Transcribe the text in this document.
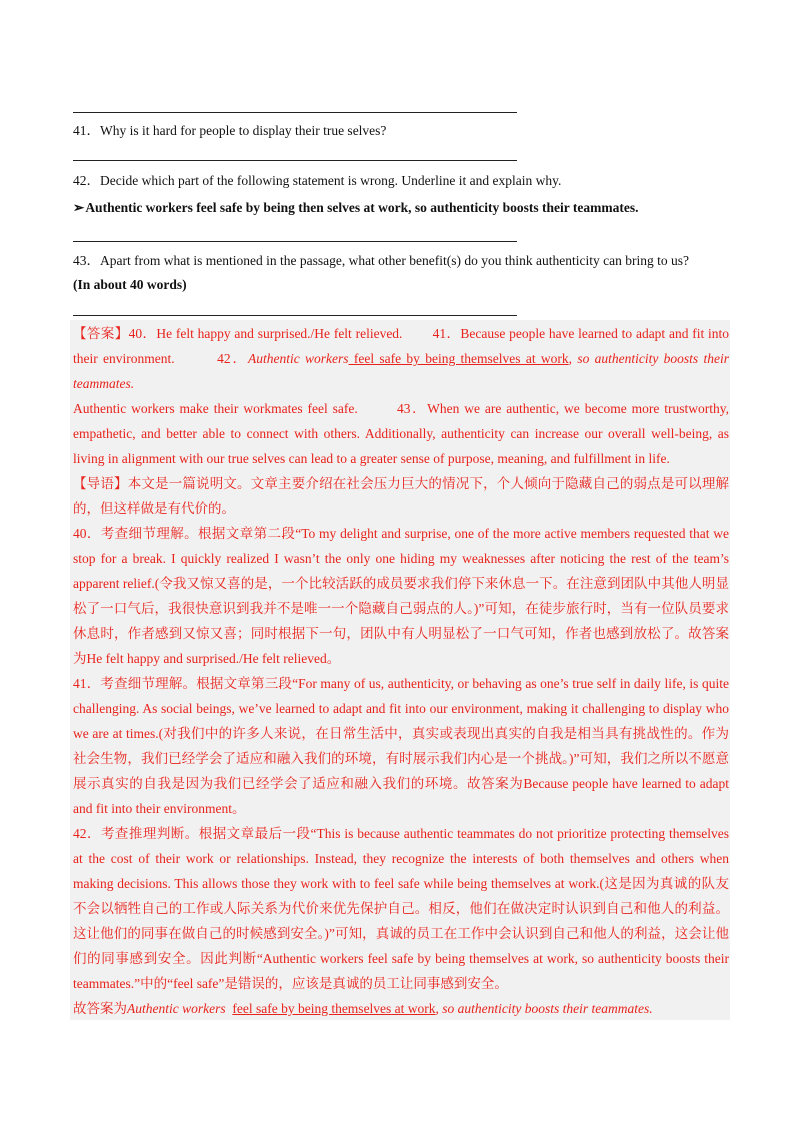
41．Why is it hard for people to display their true selves?
42．Decide which part of the following statement is wrong. Underline it and explain why.
➢Authentic workers feel safe by being then selves at work, so authenticity boosts their teammates.
43．Apart from what is mentioned in the passage, what other benefit(s) do you think authenticity can bring to us?
(In about 40 words)

【答案】40．He felt happy and surprised./He felt relieved. 41．Because people have learned to adapt and fit into their environment.	42．Authentic workers feel safe by being themselves at work, so authenticity boosts their teammates.

Authentic workers make their workmates feel safe.	43．When we are authentic, we become more trustworthy, empathetic, and better able to connect with others. Additionally, authenticity can increase our overall well-being, as living in alignment with our true selves can lead to a greater sense of purpose, meaning, and fulfillment in life.

【导语】本文是一篇说明文。文章主要介绍在社会压力巨大的情况下，个人倾向于隐藏自己的弱点是可以理解的，但这样做是有代价的。

40．考查细节理解。根据文章第二段“To my delight and surprise, one of the more active members requested that we stop for a break. I quickly realized I wasn’t the only one hiding my weaknesses after noticing the rest of the team’s apparent relief.(令我又惊又喜的是，一个比较活跃的成员要求我们停下来休息一下。在注意到团队中其他人明显松了一口气后，我很快意识到我并不是唯一一个隐藏自己弱点的人。)”可知，在徒步旅行时，当有一位队员要求休息时，作者感到又惊又喜；同时根据下一句，团队中有人明显松了一口气可知，作者也感到放松了。故答案为He felt happy and surprised./He felt relieved。

41．考查细节理解。根据文章第三段“For many of us, authenticity, or behaving as one’s true self in daily life, is quite challenging. As social beings, we’ve learned to adapt and fit into our environment, making it challenging to display who we are at times.(对我们中的许多人来说，在日常生活中，真实或表现出真实的自我是相当具有挑战性的。作为社会生物，我们已经学会了适应和融入我们的环境，有时展示我们内心是一个挑战。)”可知，我们之所以不愿意展示真实的自我是因为我们已经学会了适应和融入我们的环境。故答案为Because people have learned to adapt and fit into their environment。

42．考查推理判断。根据文章最后一段“This is because authentic teammates do not prioritize protecting themselves at the cost of their work or relationships. Instead, they recognize the interests of both themselves and others when making decisions. This allows those they work with to feel safe while being themselves at work.(这是因为真诚的队友不会以牺牲自己的工作或人际关系为代价来优先保护自己。相反，他们在做决定时认识到自己和他人的利益。这让他们的同事在做自己的时候感到安全。)”可知，真诚的员工在工作中会认识到自己和他人的利益，这会让他们的同事感到安全。因此判断“Authentic workers feel safe by being themselves at work, so authenticity boosts their teammates.”中的“feel safe”是错误的，应该是真诚的员工让同事感到安全。

故答案为Authentic workers feel safe by being themselves at work, so authenticity boosts their teammates.
